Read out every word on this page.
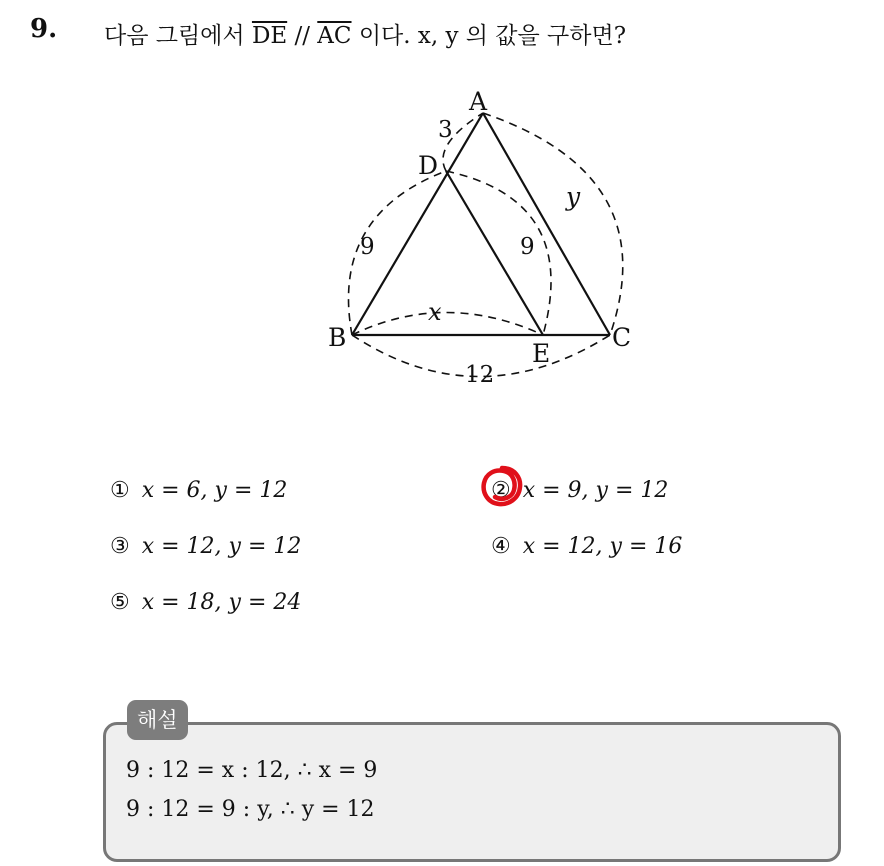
9. 다음 그림에서 $\overline{DE} // \overline{AC}$ 이다. x, y 의 값을 구하면?
A
B	C
D
E
3
9	9
x
12
y
① x = 6, y = 12	② x = 9, y = 12
③ x = 12, y = 12	④ x = 12, y = 16
⑤ x = 18, y = 24
해설
9 : 12 = x : 12, ∴ x = 9
9 : 12 = 9 : y, ∴ y = 12
